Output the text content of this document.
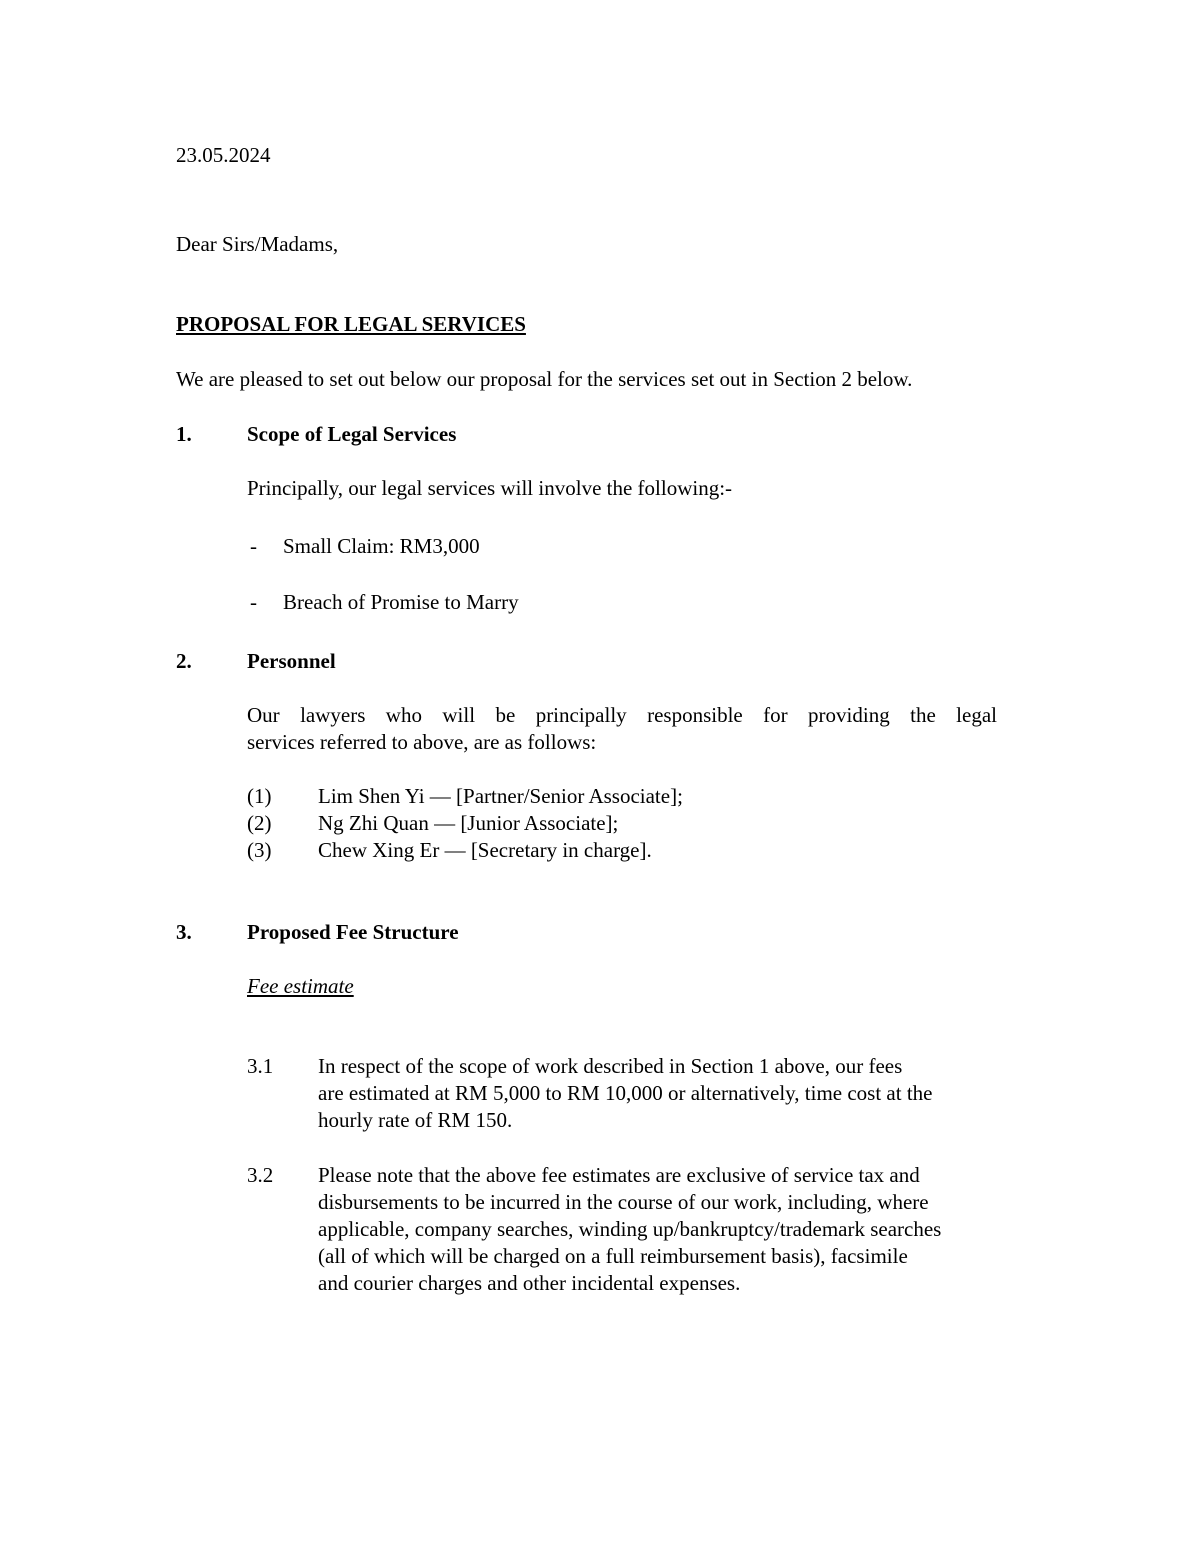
23.05.2024
Dear Sirs/Madams,
PROPOSAL FOR LEGAL SERVICES
We are pleased to set out below our proposal for the services set out in Section 2 below.
1.	Scope of Legal Services
Principally, our legal services will involve the following:-
- Small Claim: RM3,000
- Breach of Promise to Marry
2.	Personnel
Our lawyers who will be principally responsible for providing the legal
services referred to above, are as follows:
(1) Lim Shen Yi — [Partner/Senior Associate];
(2) Ng Zhi Quan — [Junior Associate];
(3) Chew Xing Er — [Secretary in charge].
3.	Proposed Fee Structure
Fee estimate
3.1 In respect of the scope of work described in Section 1 above, our fees
are estimated at RM 5,000 to RM 10,000 or alternatively, time cost at the
hourly rate of RM 150.
3.2 Please note that the above fee estimates are exclusive of service tax and
disbursements to be incurred in the course of our work, including, where
applicable, company searches, winding up/bankruptcy/trademark searches
(all of which will be charged on a full reimbursement basis), facsimile
and courier charges and other incidental expenses.
